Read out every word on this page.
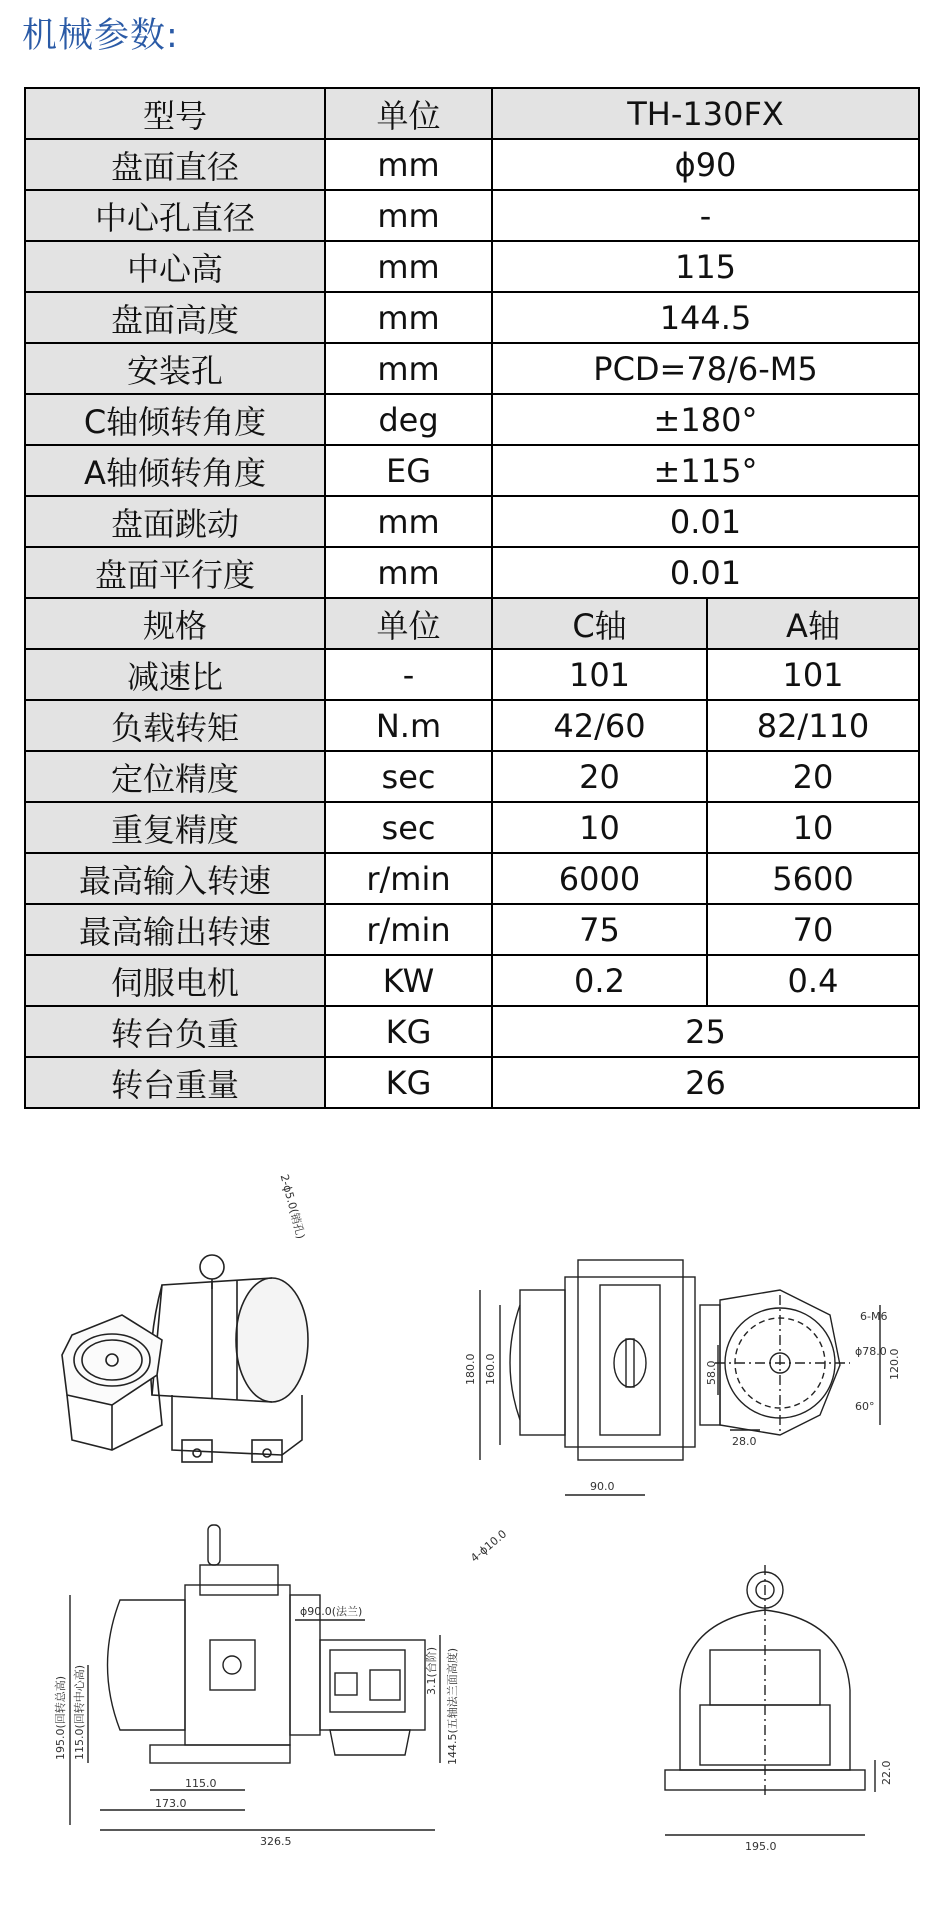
机械参数:
型号	单位	TH-130FX	
盘面直径	mm	ϕ90	
中心孔直径	mm	-	
中心高	mm	115	
盘面高度	mm	144.5	
安装孔	mm	PCD=78/6-M5	
C轴倾转角度	deg	±180°	
A轴倾转角度	EG	±115°	
盘面跳动	mm	0.01	
盘面平行度	mm	0.01	
规格	单位	C轴	A轴
减速比	-	101	101
负载转矩	N.m	42/60	82/110
定位精度	sec	20	20
重复精度	sec	10	10
最高输入转速	r/min	6000	5600
最高输出转速	r/min	75	70
伺服电机	KW	0.2	0.4
转台负重	KG	25	
转台重量	KG	26	
180.0 160.0	58.0
28.0
90.0
120.0
6-M6
ϕ78.0
60°
2-ϕ5.0(销孔)
4-ϕ10.0
ϕ90.0(法兰)
195.0(回转总高) 115.0(回转中心高)	144.5(五轴法兰面高度)
3.1(台阶)
115.0
173.0
326.5
22.0
195.0
